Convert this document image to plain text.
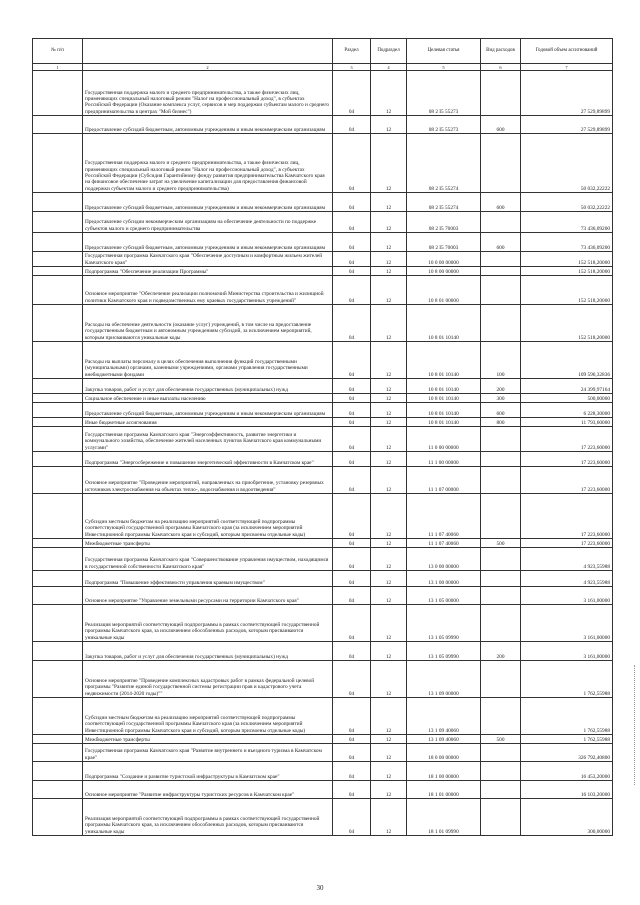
№ п/п		Раздел	Подраздел	Целевая статья	Вид расходов	Годовой объем ассигнований
1	2	3	4	5	6	7
	Государственная поддержка малого и среднего предпринимательства, а также физических лиц, применяющих специальный налоговый режим "Налог на профессиональный доход", в субъектах Российской Федерации (Оказание комплекса услуг, сервисов и мер поддержки субъектам малого и среднего предпринимательства в центрах "Мой бизнес")	04	12	08 2 I5 55273		27 529,89899
	Предоставление субсидий бюджетным, автономным учреждениям и иным некоммерческим организациям	04	12	08 2 I5 55273	600	27 529,89899
	Государственная поддержка малого и среднего предпринимательства, а также физических лиц, применяющих специальный налоговый режим "Налог на профессиональный доход", в субъектах Российской Федерации (Субсидия Гарантийному фонду развития предпринимательства Камчатского края на финансовое обеспечение затрат на увеличение капитализации для предоставления финансовой поддержки субъектам малого и среднего предпринимательства)	04	12	08 2 I5 55274		50 032,22222
	Предоставление субсидий бюджетным, автономным учреждениям и иным некоммерческим организациям	04	12	08 2 I5 55274	600	50 032,22222
	Предоставление субсидии некоммерческим организациям на обеспечение деятельности по поддержке субъектов малого и среднего предпринимательства	04	12	08 2 I5 70003		73 436,09200
	Предоставление субсидий бюджетным, автономным учреждениям и иным некоммерческим организациям	04	12	08 2 I5 70003	600	73 436,09200
	Государственная программа Камчатского края "Обеспечение доступным и комфортным жильем жителей Камчатского края"	04	12	10 0 00 00000		152 518,20000
	Подпрограмма "Обеспечение реализации Программы"	04	12	10 8 00 00000		152 518,20000
	Основное мероприятие "Обеспечение реализации полномочий Министерства строительства и жилищной политики Камчатского края и подведомственных ему краевых государственных учреждений"	04	12	10 8 01 00000		152 518,20000
	Расходы на обеспечение деятельности (оказание услуг) учреждений, в том числе на предоставление государственным бюджетным и автономным учреждениям субсидий, за исключением мероприятий, которым присваиваются уникальные коды	04	12	10 8 01 10140		152 518,20000
	Расходы на выплаты персоналу в целях обеспечения выполнения функций государственными (муниципальными) органами, казенными учреждениями, органами управления государственными внебюджетными фондами	04	12	10 8 01 10140	100	109 596,32836
	Закупка товаров, работ и услуг для обеспечения государственных (муниципальных) нужд	04	12	10 8 01 10140	200	24 399,97164
	Социальное обеспечение и иные выплаты населению	04	12	10 8 01 10140	300	500,00000
	Предоставление субсидий бюджетным, автономным учреждениям и иным некоммерческим организациям	04	12	10 8 01 10140	600	6 228,30000
	Иные бюджетные ассигнования	04	12	10 8 01 10140	800	11 793,60000
	Государственная программа Камчатского края "Энергоэффективность, развитие энергетики и коммунального хозяйства, обеспечение жителей населенных пунктов Камчатского края коммунальными услугами"	04	12	11 0 00 00000		17 223,60000
	Подпрограмма "Энергосбережение и повышение энергетической эффективности в Камчатском крае"	04	12	11 1 00 00000		17 223,60000
	Основное мероприятие "Проведение мероприятий, направленных на приобретение, установку резервных источников электроснабжения на объектах тепло-, водоснабжения и водоотведения"	04	12	11 1 07 00000		17 223,60000
	Субсидии местным бюджетам на реализацию мероприятий соответствующей подпрограммы соответствующей государственной программы Камчатского края (за исключением мероприятий Инвестиционной программы Камчатского края и субсидий, которым присвоены отдельные коды)	04	12	11 1 07 40060		17 223,60000
	Межбюджетные трансферты	04	12	11 1 07 40060	500	17 223,60000
	Государственная программа Камчатского края "Совершенствование управления имуществом, находящимся в государственной собственности Камчатского края"	04	12	13 0 00 00000		4 923,55988
	Подпрограмма "Повышение эффективности управления краевым имуществом"	04	12	13 1 00 00000		4 923,55988
	Основное мероприятие "Управление земельными ресурсами на территории Камчатского края"	04	12	13 1 05 00000		3 161,00000
	Реализация мероприятий соответствующей подпрограммы в рамках соответствующей государственной программы Камчатского края, за исключением обособленных расходов, которым присваиваются уникальные коды	04	12	13 1 05 09990		3 161,00000
	Закупка товаров, работ и услуг для обеспечения государственных (муниципальных) нужд	04	12	13 1 05 09990	200	3 161,00000
	Основное мероприятие "Проведение комплексных кадастровых работ в рамках федеральной целевой программы "Развитие единой государственной системы регистрации прав и кадастрового учета недвижимости (2014-2020 годы)""	04	12	13 1 09 00000		1 762,55988
	Субсидии местным бюджетам на реализацию мероприятий соответствующей подпрограммы соответствующей государственной программы Камчатского края (за исключением мероприятий Инвестиционной программы Камчатского края и субсидий, которым присвоены отдельные коды)	04	12	13 1 09 40060		1 762,55988
	Межбюджетные трансферты	04	12	13 1 09 40060	500	1 762,55988
	Государственная программа Камчатского края "Развитие внутреннего и въездного туризма в Камчатском крае"	04	12	18 0 00 00000		326 792,40800
	Подпрограмма "Создание и развитие туристской инфраструктуры в Камчатском крае"	04	12	18 1 00 00000		16 453,20000
	Основное мероприятие "Развитие инфраструктуры туристских ресурсов в Камчатском крае"	04	12	18 1 01 00000		16 103,20000
	Реализация мероприятий соответствующей подпрограммы в рамках соответствующей государственной программы Камчатского края, за исключением обособленных расходов, которым присваиваются уникальные коды	04	12	18 1 01 09990		300,00000
30
